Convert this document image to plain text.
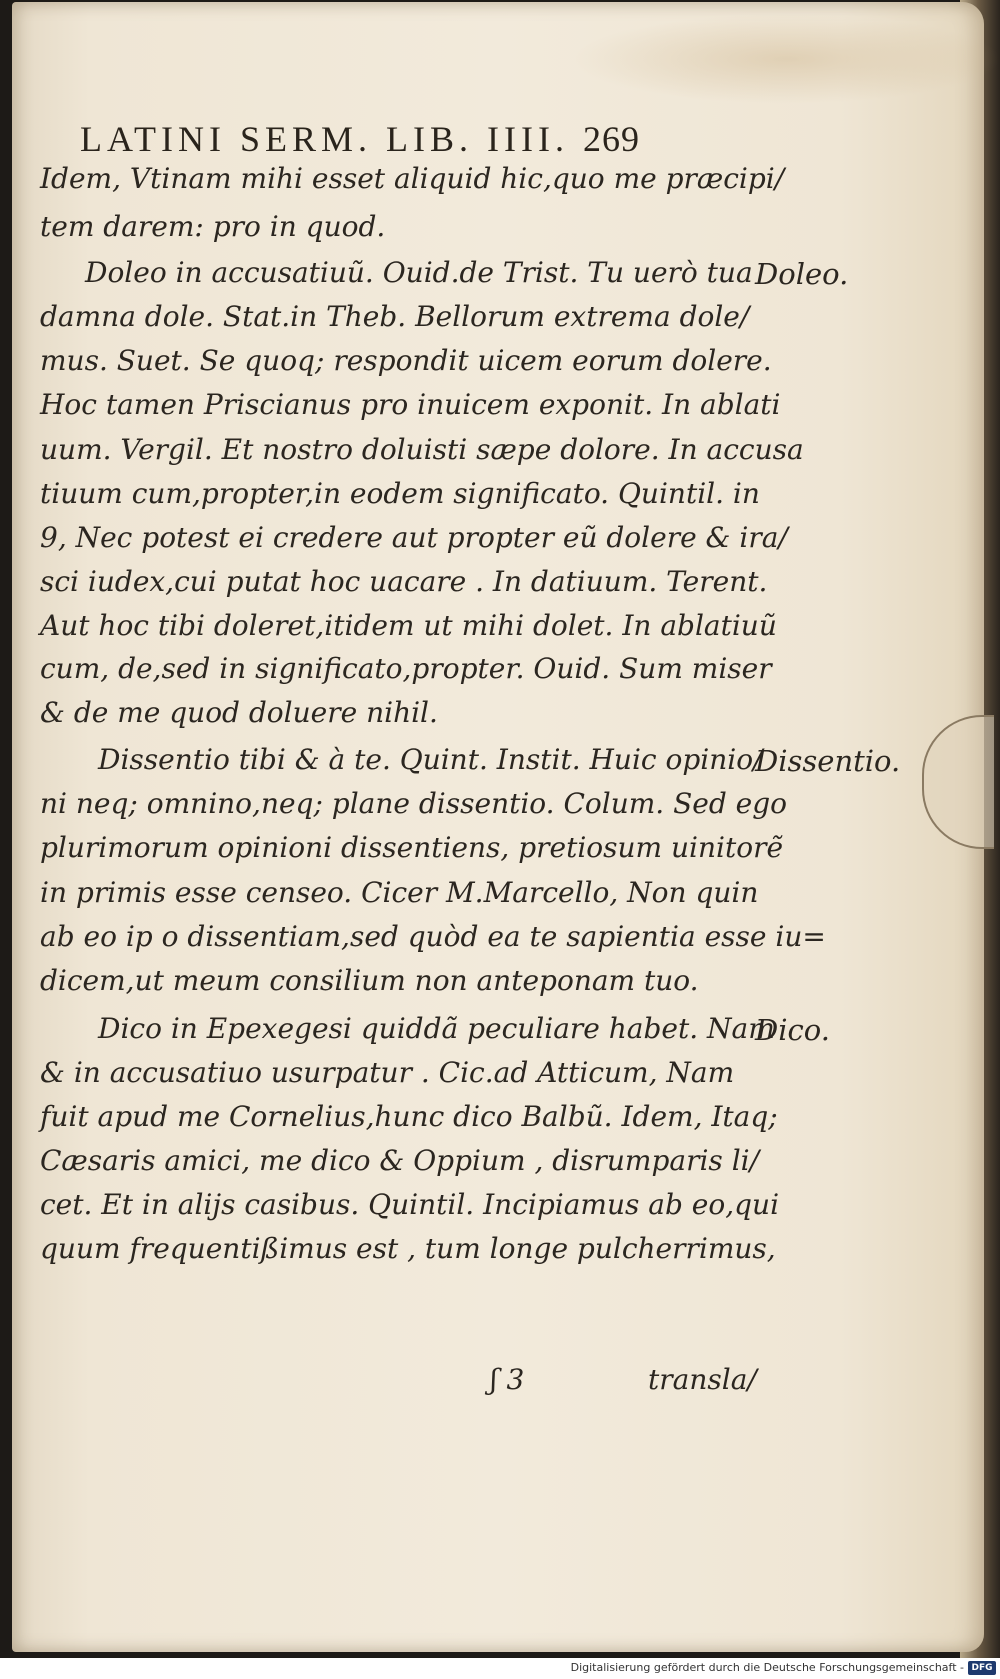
LATINI SERM. LIB. IIII. 269
Idem, Vtinam mihi esset aliquid hic,quo me præcipi/
tem darem: pro in quod.
Doleo in accusatiuũ. Ouid.de Trist. Tu uerò tua
damna dole. Stat.in Theb. Bellorum extrema dole/
mus. Suet. Se quoq; respondit uicem eorum dolere.
Hoc tamen Priscianus pro inuicem exponit. In ablati
uum. Vergil. Et nostro doluisti sæpe dolore. In accusa
tiuum cum,propter,in eodem significato. Quintil. in
9, Nec potest ei credere aut propter eũ dolere & ira/
sci iudex,cui putat hoc uacare . In datiuum. Terent.
Aut hoc tibi doleret,itidem ut mihi dolet. In ablatiuũ
cum, de,sed in significato,propter. Ouid. Sum miser
& de me quod doluere nihil.
Dissentio tibi & à te. Quint. Instit. Huic opinio/
ni neq; omnino,neq; plane dissentio. Colum. Sed ego
plurimorum opinioni dissentiens, pretiosum uinitorẽ
in primis esse censeo. Cicer M.Marcello, Non quin
ab eo ip o dissentiam,sed quòd ea te sapientia esse iu=
dicem,ut meum consilium non anteponam tuo.
Dico in Epexegesi quiddã peculiare habet. Nam
& in accusatiuo usurpatur . Cic.ad Atticum, Nam
fuit apud me Cornelius,hunc dico Balbũ. Idem, Itaq;
Cæsaris amici, me dico & Oppium , disrumparis li/
cet. Et in alijs casibus. Quintil. Incipiamus ab eo,qui
quum frequentißimus est , tum longe pulcherrimus,
Doleo.
Dissentio.
Dico.
ʃ 3	transla/
Digitalisierung gefördert durch die Deutsche Forschungsgemeinschaft - DFG
